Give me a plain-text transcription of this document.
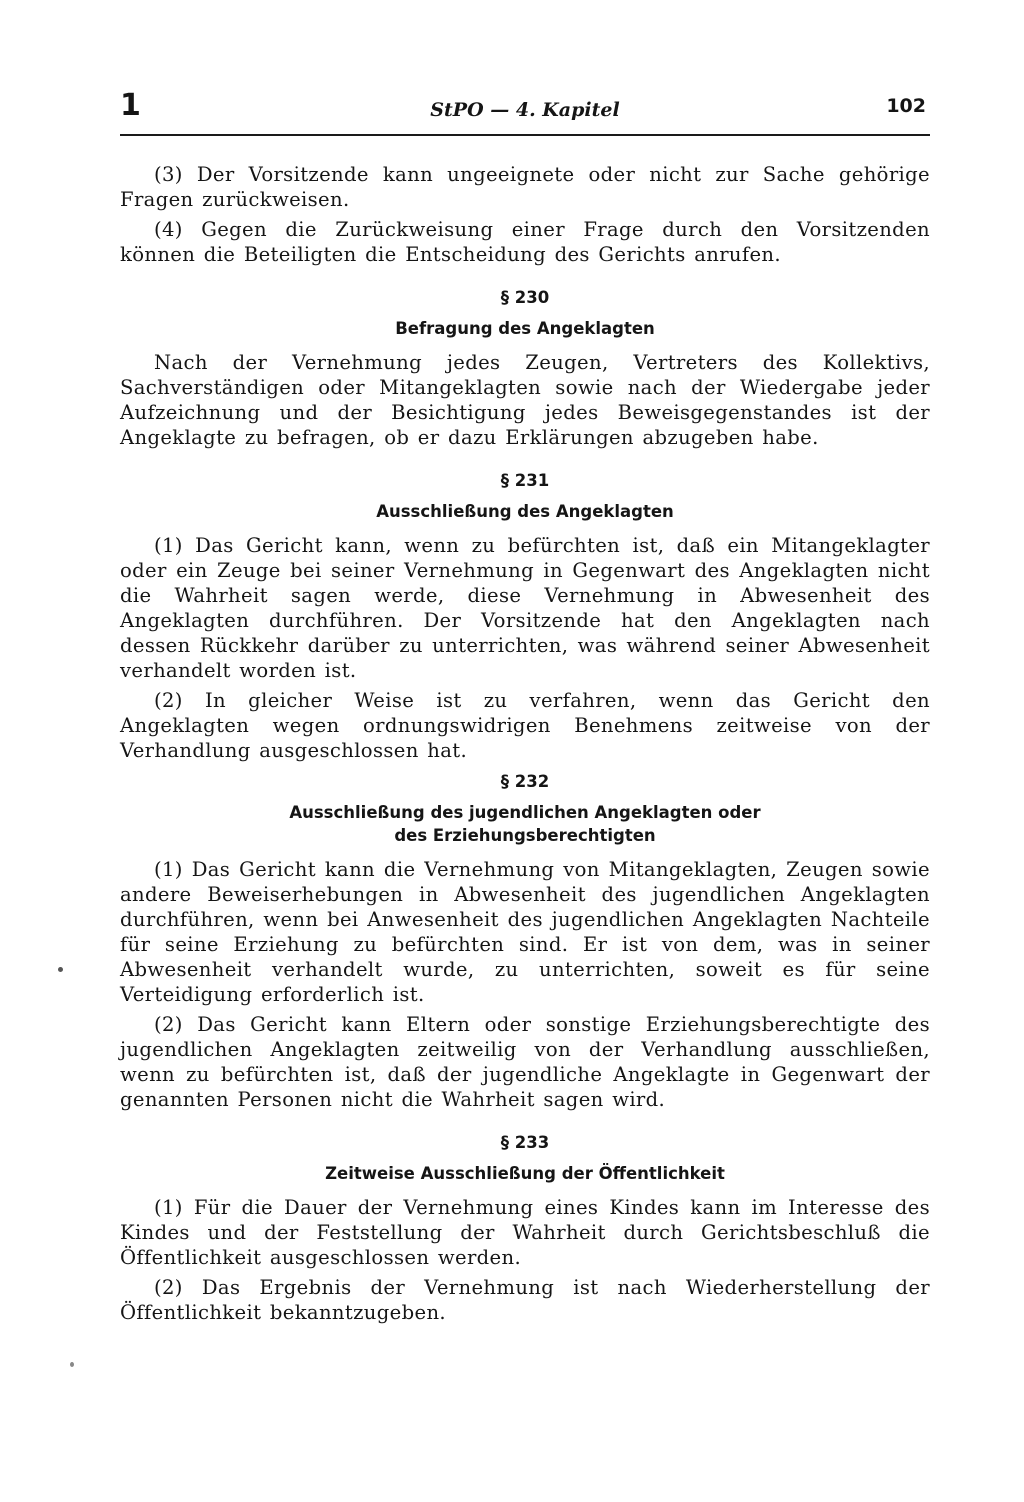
1	StPO — 4. Kapitel	102

(3) Der Vorsitzende kann ungeeignete oder nicht zur Sache gehörige Fragen zurückweisen.

(4) Gegen die Zurückweisung einer Frage durch den Vorsitzenden können die Beteiligten die Entscheidung des Gerichts anrufen.

§ 230
Befragung des Angeklagten

Nach der Vernehmung jedes Zeugen, Vertreters des Kollektivs, Sachverständigen oder Mitangeklagten sowie nach der Wiedergabe jeder Aufzeichnung und der Besichtigung jedes Beweisgegenstandes ist der Angeklagte zu befragen, ob er dazu Erklärungen abzugeben habe.

§ 231
Ausschließung des Angeklagten

(1) Das Gericht kann, wenn zu befürchten ist, daß ein Mitangeklagter oder ein Zeuge bei seiner Vernehmung in Gegenwart des Angeklagten nicht die Wahrheit sagen werde, diese Vernehmung in Abwesenheit des Angeklagten durchführen. Der Vorsitzende hat den Angeklagten nach dessen Rückkehr darüber zu unterrichten, was während seiner Abwesenheit verhandelt worden ist.

(2) In gleicher Weise ist zu verfahren, wenn das Gericht den Angeklagten wegen ordnungswidrigen Benehmens zeitweise von der Verhandlung ausgeschlossen hat.

§ 232
Ausschließung des jugendlichen Angeklagten oder
des Erziehungsberechtigten

(1) Das Gericht kann die Vernehmung von Mitangeklagten, Zeugen sowie andere Beweiserhebungen in Abwesenheit des jugendlichen Angeklagten durchführen, wenn bei Anwesenheit des jugendlichen Angeklagten Nachteile für seine Erziehung zu befürchten sind. Er ist von dem, was in seiner Abwesenheit verhandelt wurde, zu unterrichten, soweit es für seine Verteidigung erforderlich ist.

(2) Das Gericht kann Eltern oder sonstige Erziehungsberechtigte des jugendlichen Angeklagten zeitweilig von der Verhandlung ausschließen, wenn zu befürchten ist, daß der jugendliche Angeklagte in Gegenwart der genannten Personen nicht die Wahrheit sagen wird.

§ 233
Zeitweise Ausschließung der Öffentlichkeit

(1) Für die Dauer der Vernehmung eines Kindes kann im Interesse des Kindes und der Feststellung der Wahrheit durch Gerichtsbeschluß die Öffentlichkeit ausgeschlossen werden.

(2) Das Ergebnis der Vernehmung ist nach Wiederherstellung der Öffentlichkeit bekanntzugeben.
